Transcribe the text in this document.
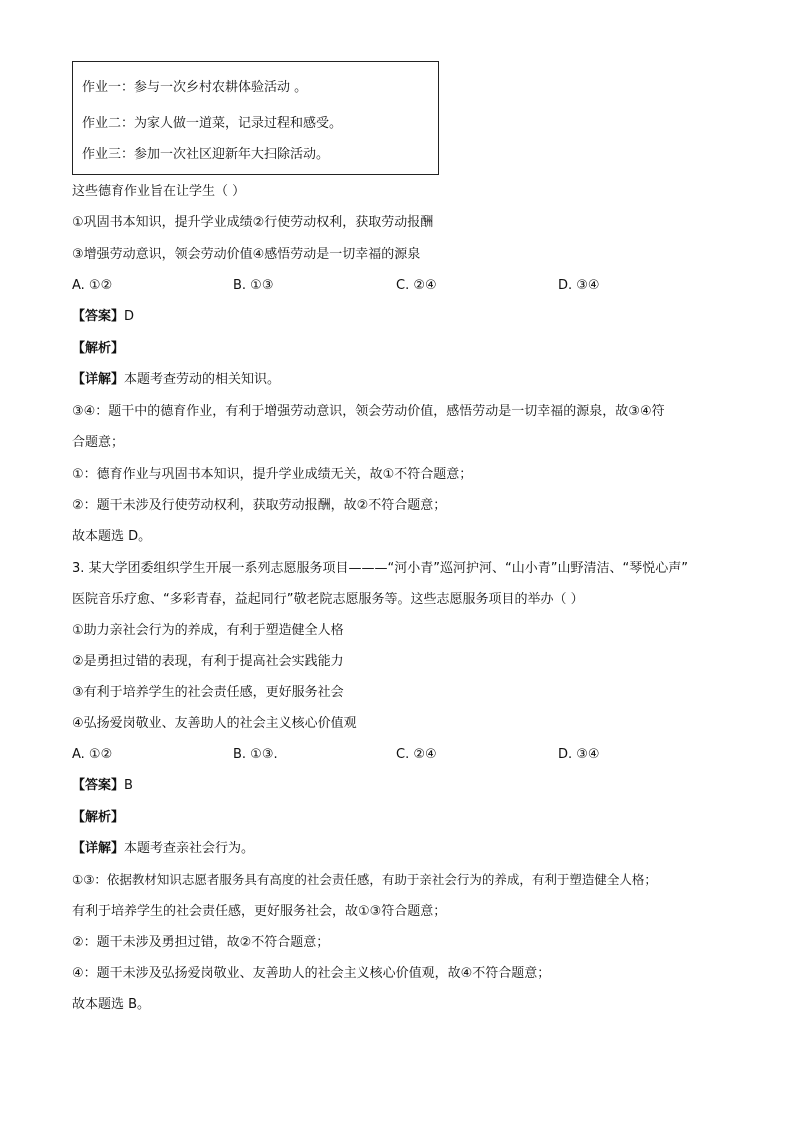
作业一：参与一次乡村农耕体验活动 。
作业二：为家人做一道菜，记录过程和感受。
作业三：参加一次社区迎新年大扫除活动。
这些德育作业旨在让学生（ ）
①巩固书本知识，提升学业成绩②行使劳动权利，获取劳动报酬
③增强劳动意识，领会劳动价值④感悟劳动是一切幸福的源泉
A. ①②	B. ①③	C. ②④	D. ③④
【答案】D
【解析】
【详解】本题考查劳动的相关知识。
③④：题干中的德育作业，有利于增强劳动意识，领会劳动价值，感悟劳动是一切幸福的源泉，故③④符
合题意；
①：德育作业与巩固书本知识，提升学业成绩无关，故①不符合题意；
②：题干未涉及行使劳动权利，获取劳动报酬，故②不符合题意；
故本题选 D。
3. 某大学团委组织学生开展一系列志愿服务项目———“河小青”巡河护河、“山小青”山野清洁、“琴悦心声”
医院音乐疗愈、“多彩青春，益起同行”敬老院志愿服务等。这些志愿服务项目的举办（ ）
①助力亲社会行为的养成，有利于塑造健全人格
②是勇担过错的表现，有利于提高社会实践能力
③有利于培养学生的社会责任感，更好服务社会
④弘扬爱岗敬业、友善助人的社会主义核心价值观
A. ①②	B. ①③.	C. ②④	D. ③④
【答案】B
【解析】
【详解】本题考查亲社会行为。
①③：依据教材知识志愿者服务具有高度的社会责任感，有助于亲社会行为的养成，有利于塑造健全人格；
有利于培养学生的社会责任感，更好服务社会，故①③符合题意；
②：题干未涉及勇担过错，故②不符合题意；
④：题干未涉及弘扬爱岗敬业、友善助人的社会主义核心价值观，故④不符合题意；
故本题选 B。
